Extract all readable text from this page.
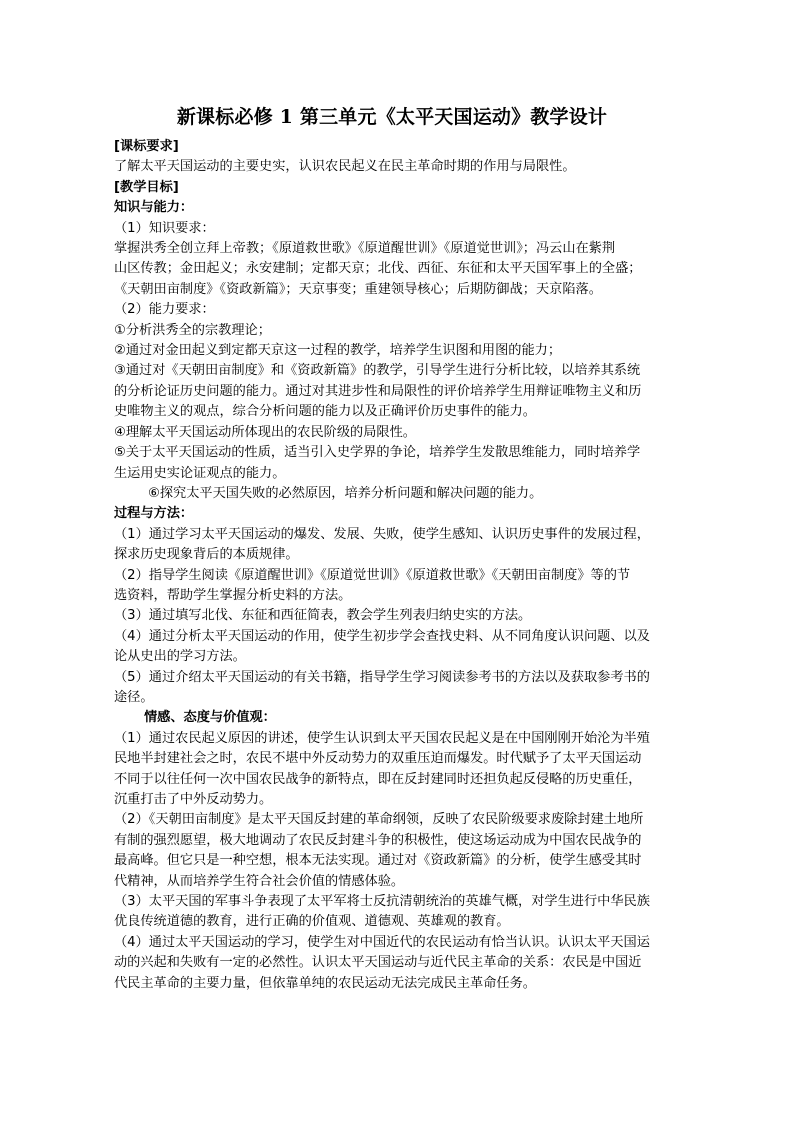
新课标必修 1 第三单元《太平天国运动》教学设计

[课标要求]

了解太平天国运动的主要史实，认识农民起义在民主革命时期的作用与局限性。

[教学目标]

知识与能力：

（1）知识要求：

掌握洪秀全创立拜上帝教；《原道救世歌》《原道醒世训》《原道觉世训》；冯云山在紫荆

山区传教；金田起义；永安建制；定都天京；北伐、西征、东征和太平天国军事上的全盛；

《天朝田亩制度》《资政新篇》；天京事变；重建领导核心；后期防御战；天京陷落。

（2）能力要求：

①分析洪秀全的宗教理论；

②通过对金田起义到定都天京这一过程的教学，培养学生识图和用图的能力；

③通过对《天朝田亩制度》和《资政新篇》的教学，引导学生进行分析比较，以培养其系统

的分析论证历史问题的能力。通过对其进步性和局限性的评价培养学生用辩证唯物主义和历

史唯物主义的观点，综合分析问题的能力以及正确评价历史事件的能力。

④理解太平天国运动所体现出的农民阶级的局限性。

⑤关于太平天国运动的性质，适当引入史学界的争论，培养学生发散思维能力，同时培养学

生运用史实论证观点的能力。

⑥探究太平天国失败的必然原因，培养分析问题和解决问题的能力。

过程与方法：

（1）通过学习太平天国运动的爆发、发展、失败，使学生感知、认识历史事件的发展过程，

探求历史现象背后的本质规律。

（2）指导学生阅读《原道醒世训》《原道觉世训》《原道救世歌》《天朝田亩制度》等的节

选资料，帮助学生掌握分析史料的方法。

（3）通过填写北伐、东征和西征简表，教会学生列表归纳史实的方法。

（4）通过分析太平天国运动的作用，使学生初步学会查找史料、从不同角度认识问题、以及

论从史出的学习方法。

（5）通过介绍太平天国运动的有关书籍，指导学生学习阅读参考书的方法以及获取参考书的

途径。

情感、态度与价值观：

（1）通过农民起义原因的讲述，使学生认识到太平天国农民起义是在中国刚刚开始沦为半殖

民地半封建社会之时，农民不堪中外反动势力的双重压迫而爆发。时代赋予了太平天国运动

不同于以往任何一次中国农民战争的新特点，即在反封建同时还担负起反侵略的历史重任，

沉重打击了中外反动势力。

（2）《天朝田亩制度》是太平天国反封建的革命纲领，反映了农民阶级要求废除封建土地所

有制的强烈愿望，极大地调动了农民反封建斗争的积极性，使这场运动成为中国农民战争的

最高峰。但它只是一种空想，根本无法实现。通过对《资政新篇》的分析，使学生感受其时

代精神，从而培养学生符合社会价值的情感体验。

（3）太平天国的军事斗争表现了太平军将士反抗清朝统治的英雄气概，对学生进行中华民族

优良传统道德的教育，进行正确的价值观、道德观、英雄观的教育。

（4）通过太平天国运动的学习，使学生对中国近代的农民运动有恰当认识。认识太平天国运

动的兴起和失败有一定的必然性。认识太平天国运动与近代民主革命的关系：农民是中国近

代民主革命的主要力量，但依靠单纯的农民运动无法完成民主革命任务。
